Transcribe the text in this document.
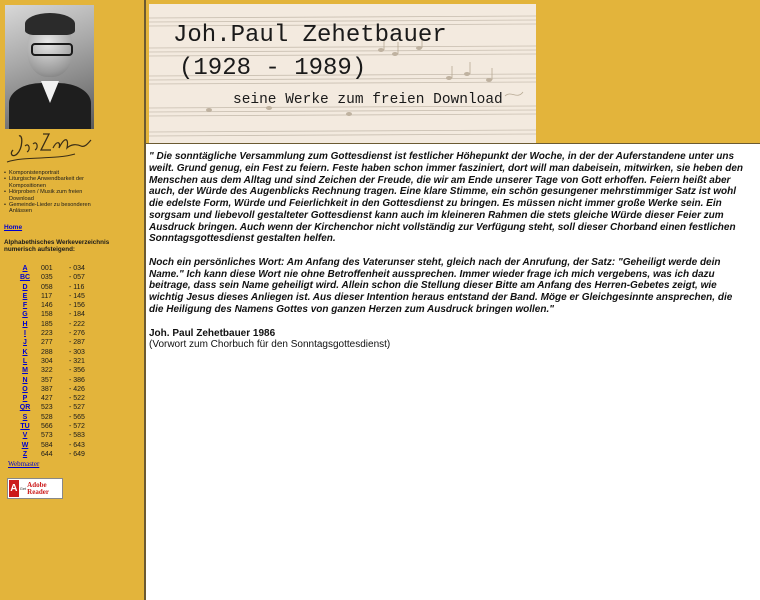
• Komponistenportrait
• Liturgische Anwendbarkeit der Kompositionen
• Hörproben / Musik zum freien Download
• Gemeinde-Lieder zu besonderen Anlässen
Home
Alphabethisches Werkeverzeichnis numerisch aufsteigend:
A	001	- 034
BC	035	- 057
D	058	- 116
E	117	- 145
F	146	- 156
G	158	- 184
H	185	- 222
I	223	- 276
J	277	- 287
K	288	- 303
L	304	- 321
M	322	- 356
N	357	- 386
O	387	- 426
P	427	- 522
QR	523	- 527
S	528	- 565
TU	566	- 572
V	573	- 583
W	584	- 643
Z	644	- 649
Webmaster
A Get Adobe Reader
Joh.Paul Zehetbauer
(1928 - 1989)
seine Werke zum freien Download

" Die sonntägliche Versammlung zum Gottesdienst ist festlicher Höhepunkt der Woche, in der der Auferstandene unter uns weilt. Grund genug, ein Fest zu feiern. Feste haben schon immer fasziniert, dort will man dabeisein, mitwirken, sie heben den Menschen aus dem Alltag und sind Zeichen der Freude, die wir am Ende unserer Tage von Gott erhoffen. Feiern heißt aber auch, der Würde des Augenblicks Rechnung tragen. Eine klare Stimme, ein schön gesungener mehrstimmiger Satz ist wohl die edelste Form, Würde und Feierlichkeit in den Gottesdienst zu bringen. Es müssen nicht immer große Werke sein. Ein sorgsam und liebevoll gestalteter Gottesdienst kann auch im kleineren Rahmen die stets gleiche Würde dieser Feier zum Ausdruck bringen. Auch wenn der Kirchenchor nicht vollständig zur Verfügung steht, soll dieser Chorband einen festlichen Sonntagsgottesdienst gestalten helfen.

Noch ein persönliches Wort: Am Anfang des Vaterunser steht, gleich nach der Anrufung, der Satz: "Geheiligt werde dein Name." Ich kann diese Wort nie ohne Betroffenheit aussprechen. Immer wieder frage ich mich vergebens, was ich dazu beitrage, dass sein Name geheiligt wird. Allein schon die Stellung dieser Bitte am Anfang des Herren-Gebetes zeigt, wie wichtig Jesus dieses Anliegen ist. Aus dieser Intention heraus entstand der Band. Möge er Gleichgesinnte ansprechen, die die Heiligung des Namens Gottes von ganzen Herzen zum Ausdruck bringen wollen."

Joh. Paul Zehetbauer 1986
(Vorwort zum Chorbuch für den Sonntagsgottesdienst)
